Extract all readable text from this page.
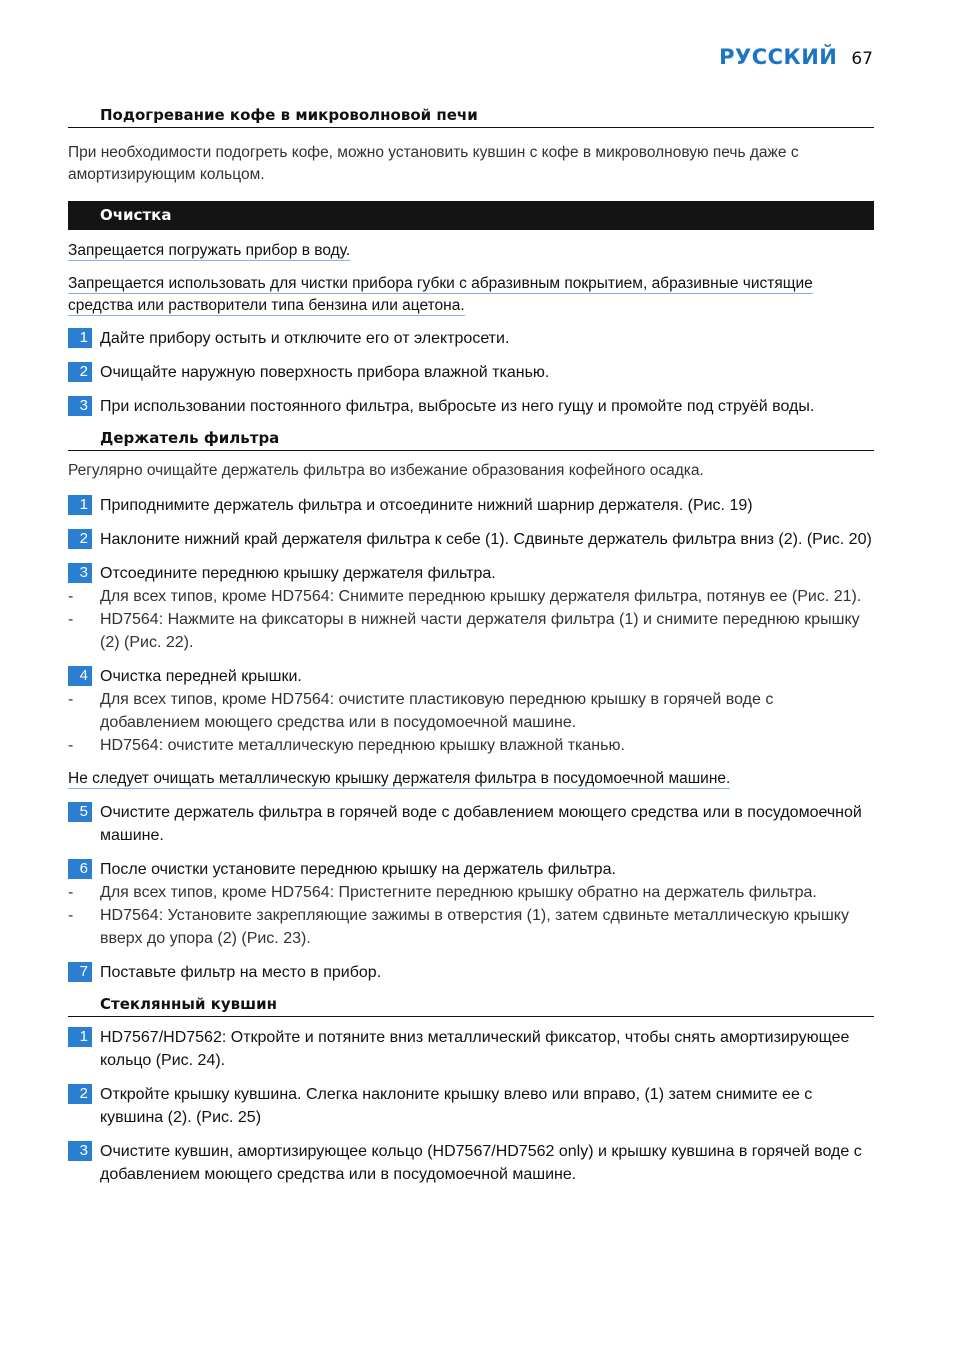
РУССКИЙ 67
Подогревание кофе в микроволновой печи
При необходимости подогреть кофе, можно установить кувшин с кофе в микроволновую печь даже с амортизирующим кольцом.
Очистка
Запрещается погружать прибор в воду.
Запрещается использовать для чистки прибора губки с абразивным покрытием, абразивные чистящие средства или растворители типа бензина или ацетона.
1 Дайте прибору остыть и отключите его от электросети.
2 Очищайте наружную поверхность прибора влажной тканью.
3 При использовании постоянного фильтра, выбросьте из него гущу и промойте под струёй воды.
Держатель фильтра
Регулярно очищайте держатель фильтра во избежание образования кофейного осадка.
1 Приподнимите держатель фильтра и отсоедините нижний шарнир держателя. (Рис. 19)
2 Наклоните нижний край держателя фильтра к себе (1). Сдвиньте держатель фильтра вниз (2). (Рис. 20)
3 Отсоедините переднюю крышку держателя фильтра.
- Для всех типов, кроме HD7564: Снимите переднюю крышку держателя фильтра, потянув ее (Рис. 21).
- HD7564: Нажмите на фиксаторы в нижней части держателя фильтра (1) и снимите переднюю крышку (2) (Рис. 22).
4 Очистка передней крышки.
- Для всех типов, кроме HD7564: очистите пластиковую переднюю крышку в горячей воде с добавлением моющего средства или в посудомоечной машине.
- HD7564: очистите металлическую переднюю крышку влажной тканью.
Не следует очищать металлическую крышку держателя фильтра в посудомоечной машине.
5 Очистите держатель фильтра в горячей воде с добавлением моющего средства или в посудомоечной машине.
6 После очистки установите переднюю крышку на держатель фильтра.
- Для всех типов, кроме HD7564: Пристегните переднюю крышку обратно на держатель фильтра.
- HD7564: Установите закрепляющие зажимы в отверстия (1), затем сдвиньте металлическую крышку вверх до упора (2) (Рис. 23).
7 Поставьте фильтр на место в прибор.
Стеклянный кувшин
1 HD7567/HD7562: Откройте и потяните вниз металлический фиксатор, чтобы снять амортизирующее кольцо (Рис. 24).
2 Откройте крышку кувшина. Слегка наклоните крышку влево или вправо, (1) затем снимите ее с кувшина (2). (Рис. 25)
3 Очистите кувшин, амортизирующее кольцо (HD7567/HD7562 only) и крышку кувшина в горячей воде с добавлением моющего средства или в посудомоечной машине.
